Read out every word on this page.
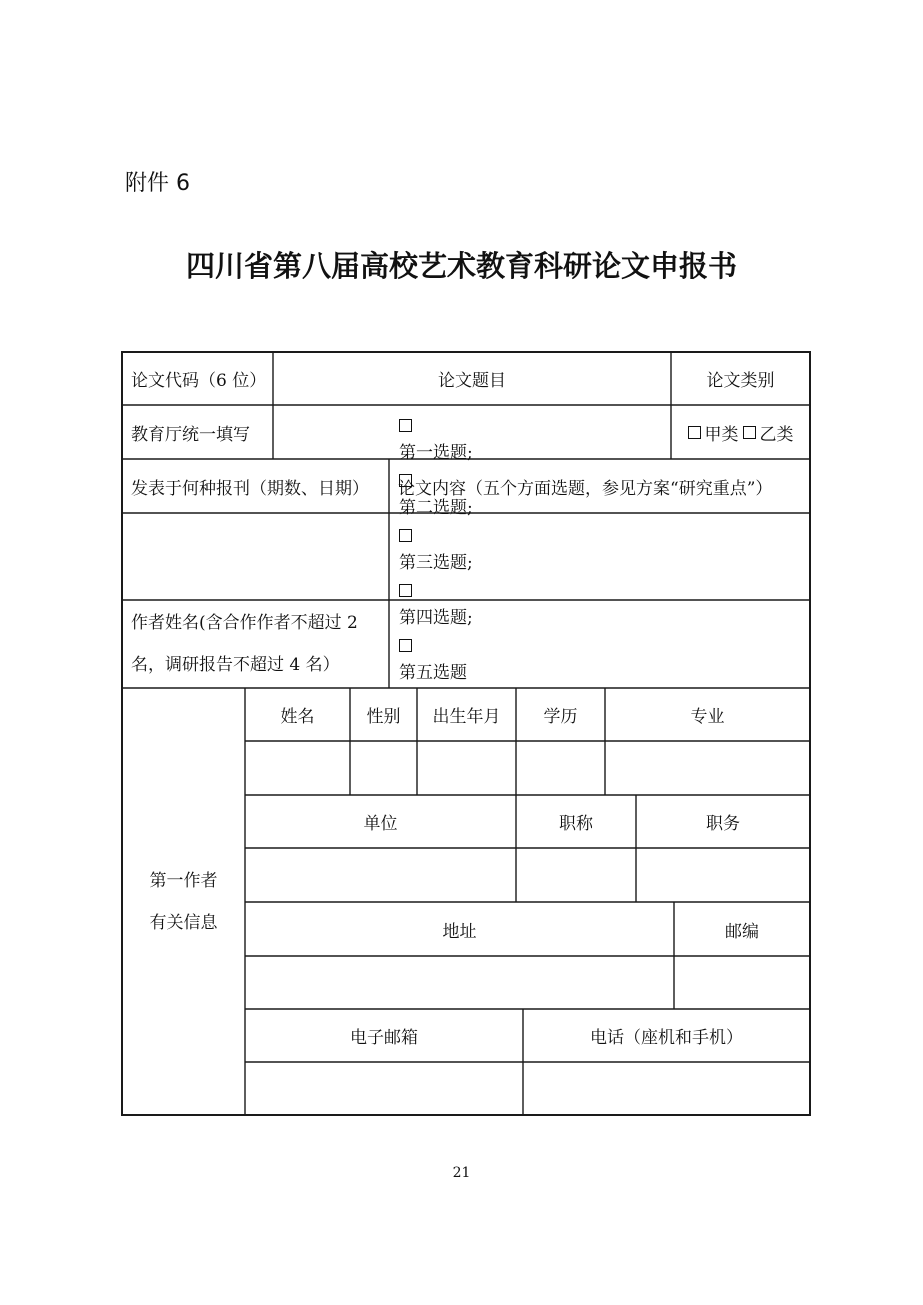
附件 6
四川省第八届高校艺术教育科研论文申报书
论文代码（6 位）	论文题目	论文类别
教育厅统一填写	甲类 乙类
发表于何种报刊（期数、日期）	论文内容（五个方面选题，参见方案“研究重点”）
第一选题;
第二选题;
第三选题;
第四选题;
第五选题
作者姓名(含合作作者不超过 2
名，调研报告不超过 4 名）
第一作者
有关信息
姓名	性别	出生年月	学历	专业
单位	职称	职务
地址	邮编
电子邮箱	电话（座机和手机）
21
